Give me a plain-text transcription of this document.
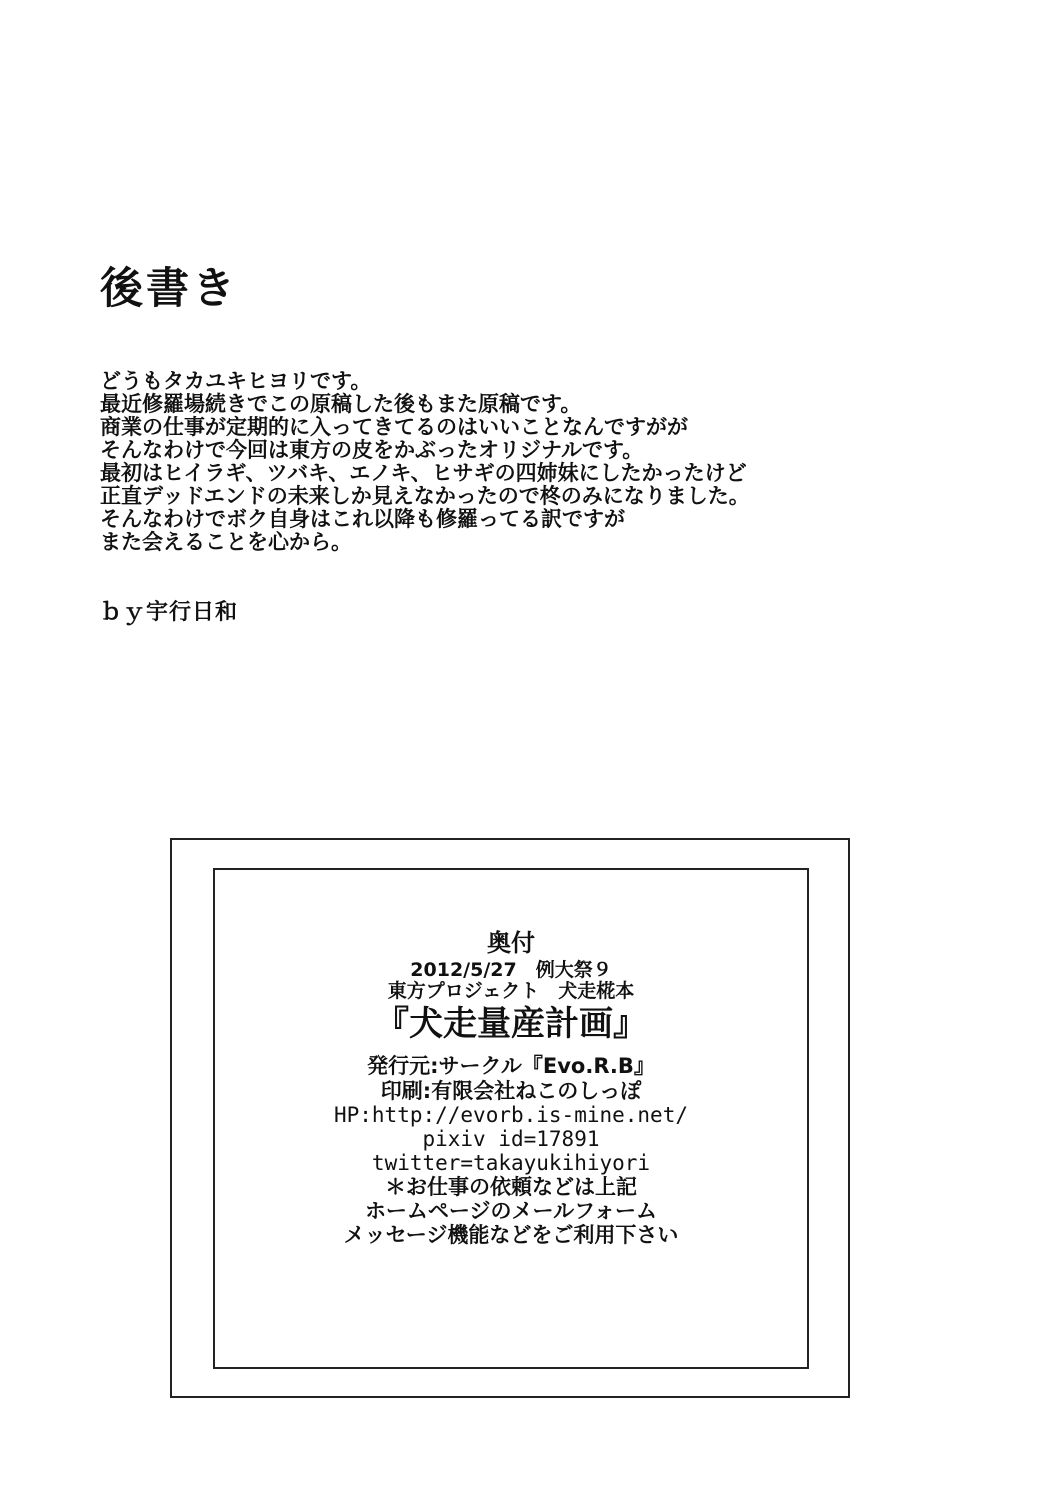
後書き
どうもタカユキヒヨリです。
最近修羅場続きでこの原稿した後もまた原稿です。
商業の仕事が定期的に入ってきてるのはいいことなんですがが
そんなわけで今回は東方の皮をかぶったオリジナルです。
最初はヒイラギ、ツバキ、エノキ、ヒサギの四姉妹にしたかったけど
正直デッドエンドの未来しか見えなかったので柊のみになりました。
そんなわけでボク自身はこれ以降も修羅ってる訳ですが
また会えることを心から。
ｂｙ宇行日和
奥付
2012/5/27　例大祭９
東方プロジェクト　犬走椛本
『犬走量産計画』
発行元:サークル『Evo.R.B』
印刷:有限会社ねこのしっぽ
HP:http://evorb.is-mine.net/
pixiv id=17891
twitter=takayukihiyori
＊お仕事の依頼などは上記
ホームページのメールフォーム
メッセージ機能などをご利用下さい
